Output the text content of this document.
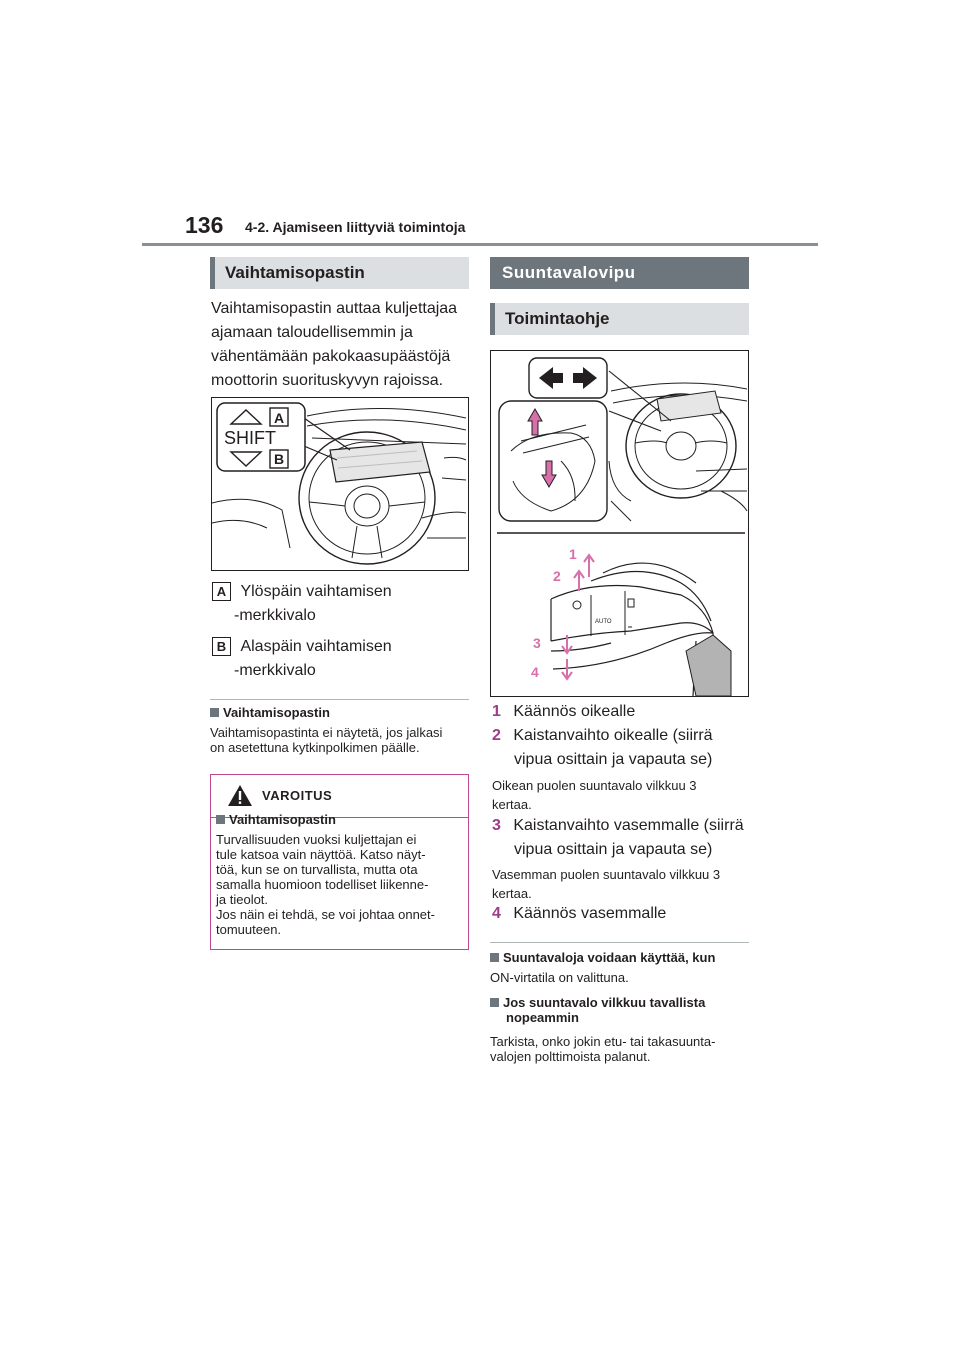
136 4-2. Ajamiseen liittyviä toimintoja
Vaihtamisopastin
Vaihtamisopastin auttaa kuljettajaa
ajamaan taloudellisemmin ja
vähentämään pakokaasupäästöjä
moottorin suorituskyvyn rajoissa.
SHIFT
A
B
A Ylöspäin vaihtamisen
-merkkivalo
B Alaspäin vaihtamisen
-merkkivalo
Vaihtamisopastin
Vaihtamisopastinta ei näytetä, jos jalkasi
on asetettuna kytkinpolkimen päälle.
VAROITUS
Vaihtamisopastin
Turvallisuuden vuoksi kuljettajan ei
tule katsoa vain näyttöä. Katso näyt-
töä, kun se on turvallista, mutta ota
samalla huomioon todelliset liikenne-
ja tieolot.
Jos näin ei tehdä, se voi johtaa onnet-
tomuuteen.
Suuntavalovipu
Toimintaohje
AUTO
1
2
3
4
1 Käännös oikealle
2 Kaistanvaihto oikealle (siirrä
vipua osittain ja vapauta se)
Oikean puolen suuntavalo vilkkuu 3
kertaa.
3 Kaistanvaihto vasemmalle (siirrä
vipua osittain ja vapauta se)
Vasemman puolen suuntavalo vilkkuu 3
kertaa.
4 Käännös vasemmalle
Suuntavaloja voidaan käyttää, kun
ON-virtatila on valittuna.
Jos suuntavalo vilkkuu tavallista
nopeammin
Tarkista, onko jokin etu- tai takasuunta-
valojen polttimoista palanut.
